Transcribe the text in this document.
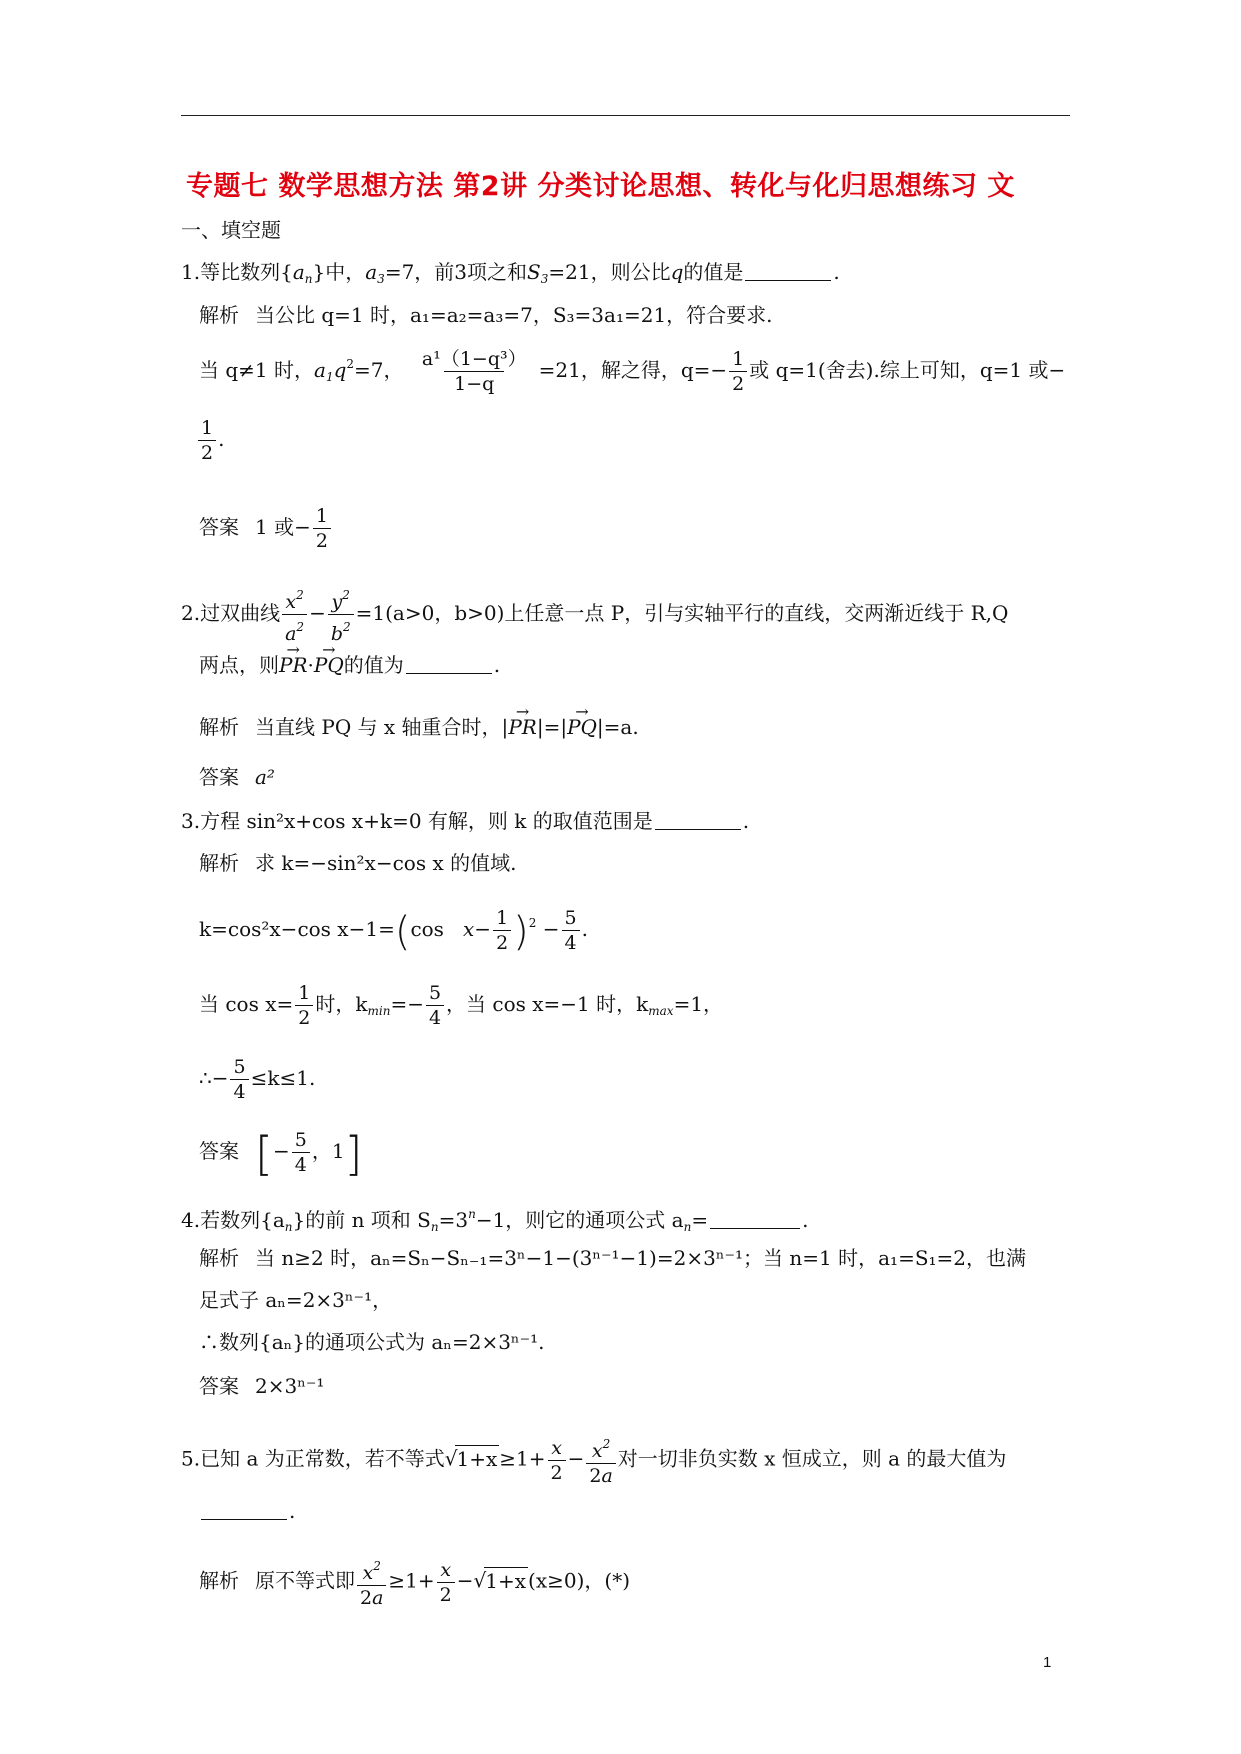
专题七 数学思想方法 第2讲 分类讨论思想、转化与化归思想练习 文
一、填空题
1.等比数列$\{a_n\}$中，$a_3=7$，前3项之和$S_3=21$，则公比q的值是	.
解析 当公比 q=1 时，a₁=a₂=a₃=7，S₃=3a₁=21，符合要求.
当 q≠1 时，$a_1q^2=7$， $\frac{\text{a¹（1−q³）}}{1-q} =21$，解之得，$q=- \frac{1}{2}$ 或 q=1(舍去).综上可知，q=1 或−
$\frac{1}{2}$ .
答案 1 或− $\frac{1}{2}$
2.过双曲线 $\frac{x^2}{a^2} - \frac{y^2}{b^2} =1(a>0$，b>0)上任意一点 P，引与实轴平行的直线，交两渐近线于 R,Q
两点，则→ PR·→ PQ的值为	.
解析 当直线 PQ 与 x 轴重合时，|→ PR|=|→ PQ|=a.
答案 a²
3.方程 sin²x+cos x+k=0 有解，则 k 的取值范围是	.
解析 求 k=−sin²x−cos x 的值域.
k=cos²x−cos x−1=(cos   $x- \frac{1}{2} )^2 - \frac{5}{4}$ .
当 $\cos x= \frac{1}{2}$ 时，$k_{min}=- \frac{5}{4}$ ，当 cos x=−1 时，$k_{max}=1$，
∴− $\frac{5}{4} \le k\le 1$.
答案 [− $\frac{5}{4}$ ，1]
4.若数列$\{a_n\}$的前 n 项和 $S_n=3^n-1$，则它的通项公式 $a_n=$	.
解析 当 n≥2 时，aₙ=Sₙ−Sₙ₋₁=3ⁿ−1−(3ⁿ⁻¹−1)=2×3ⁿ⁻¹；当 n=1 时，a₁=S₁=2，也满
足式子 aₙ=2×3ⁿ⁻¹，
∴数列{aₙ}的通项公式为 aₙ=2×3ⁿ⁻¹.
答案 2×3ⁿ⁻¹
5.已知 a 为正常数，若不等式$√1+x \ge 1+ \frac{x}{2} - \frac{x^2}{2a}$ 对一切非负实数 x 恒成立，则 a 的最大值为
.
解析 原不等式即 $\frac{x^2}{2a} \ge 1+ \frac{x}{2} -√1+x$ (x≥0)，(*)
1
